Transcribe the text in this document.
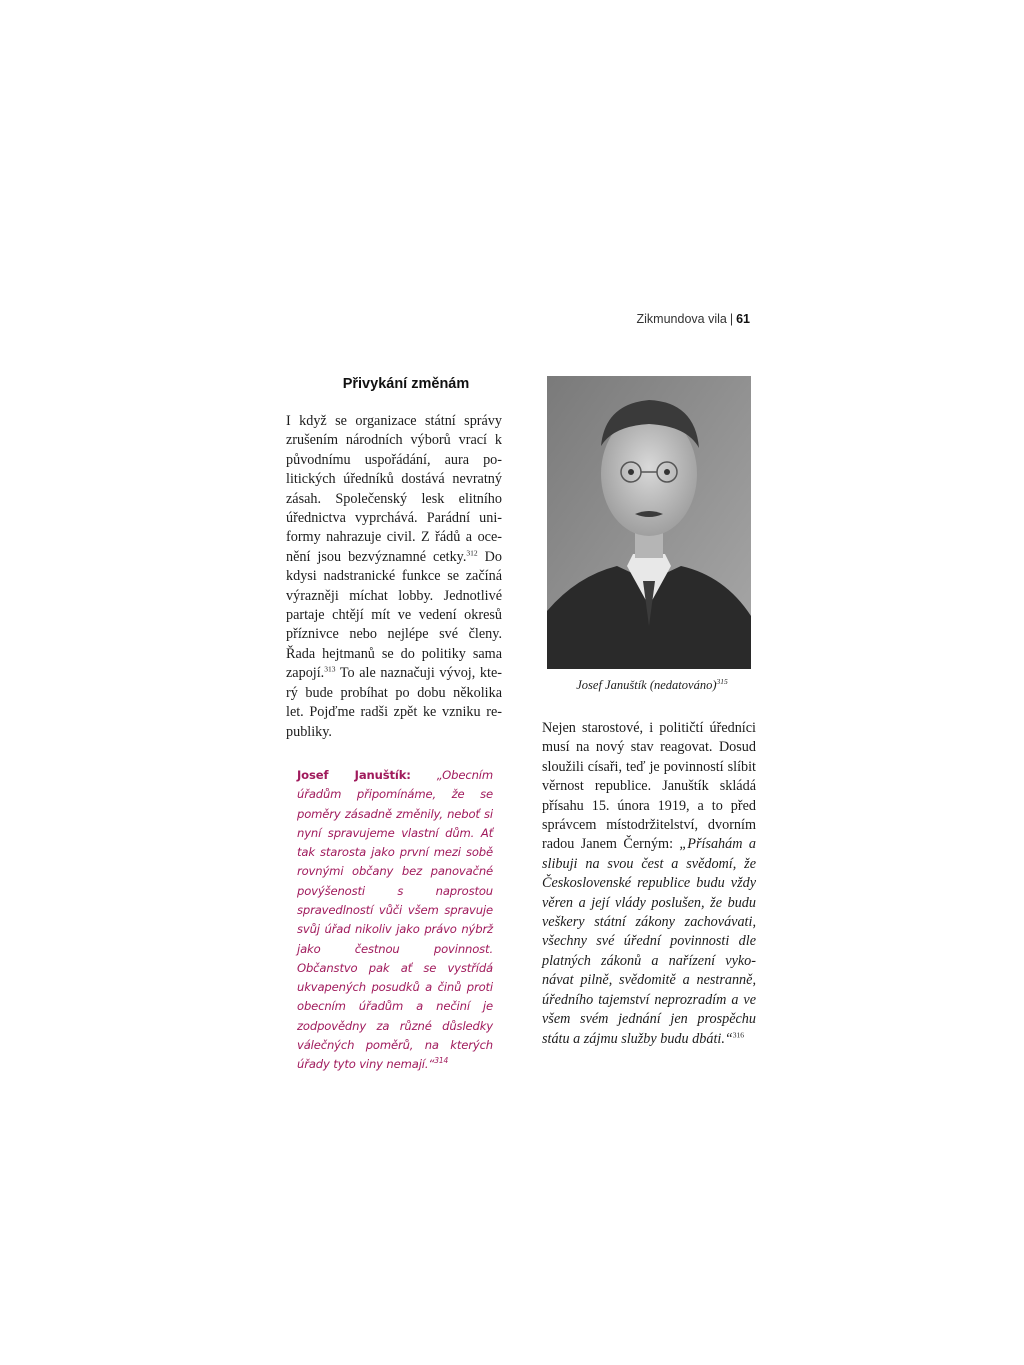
Zikmundova vila | 61
Přivykání změnám

I když se organizace státní správy zrušením národních výborů vrací k původnímu uspořádání, aura politických úředníků dostává nevratný zásah. Společenský lesk elitního úřednictva vyprchává. Parádní uniformy nahrazuje civil. Z řádů a ocenění jsou bezvýznamné cetky.$^{312}$ Do kdysi nadstranické funkce se začíná výrazněji míchat lobby. Jednotlivé partaje chtějí mít ve vedení okresů příznivce nebo nejlépe své členy. Řada hejtmanů se do politiky sama zapojí.$^{313}$ To ale naznačuji vývoj, který bude probíhat po dobu několika let. Pojďme radši zpět ke vzniku republiky.

Josef Januštík: „Obecním úřadům připomínáme, že se poměry zásadně změnily, neboť si nyní spravujeme vlastní dům. Ať tak starosta jako první mezi sobě rovnými občany bez panovačné povýšenosti s naprostou spravedlností vůči všem spravuje svůj úřad nikoliv jako právo nýbrž jako čestnou povinnost. Občanstvo pak ať se vystřídá ukvapených posudků a činů proti obecním úřadům a nečiní je zodpovědny za různé důsledky válečných poměrů, na kterých úřady tyto viny nemají.“$^{314}$

Josef Januštík (nedatováno)$^{315}$

Nejen starostové, i političtí úředníci musí na nový stav reagovat. Dosud sloužili císaři, teď je povinností slíbit věrnost republice. Januštík skládá přísahu 15. února 1919, a to před správcem místodržitelství, dvorním radou Janem Černým: „Přísahám a slibuji na svou čest a svědomí, že Československé republice budu vždy věren a její vlády poslušen, že budu veškery státní zákony zachovávati, všechny své úřední povinnosti dle platných zákonů a nařízení vykonávat pilně, svědomitě a nestranně, úředního tajemství neprozradím a ve všem svém jednání jen prospěchu státu a zájmu služby budu dbáti.“$^{316}$
